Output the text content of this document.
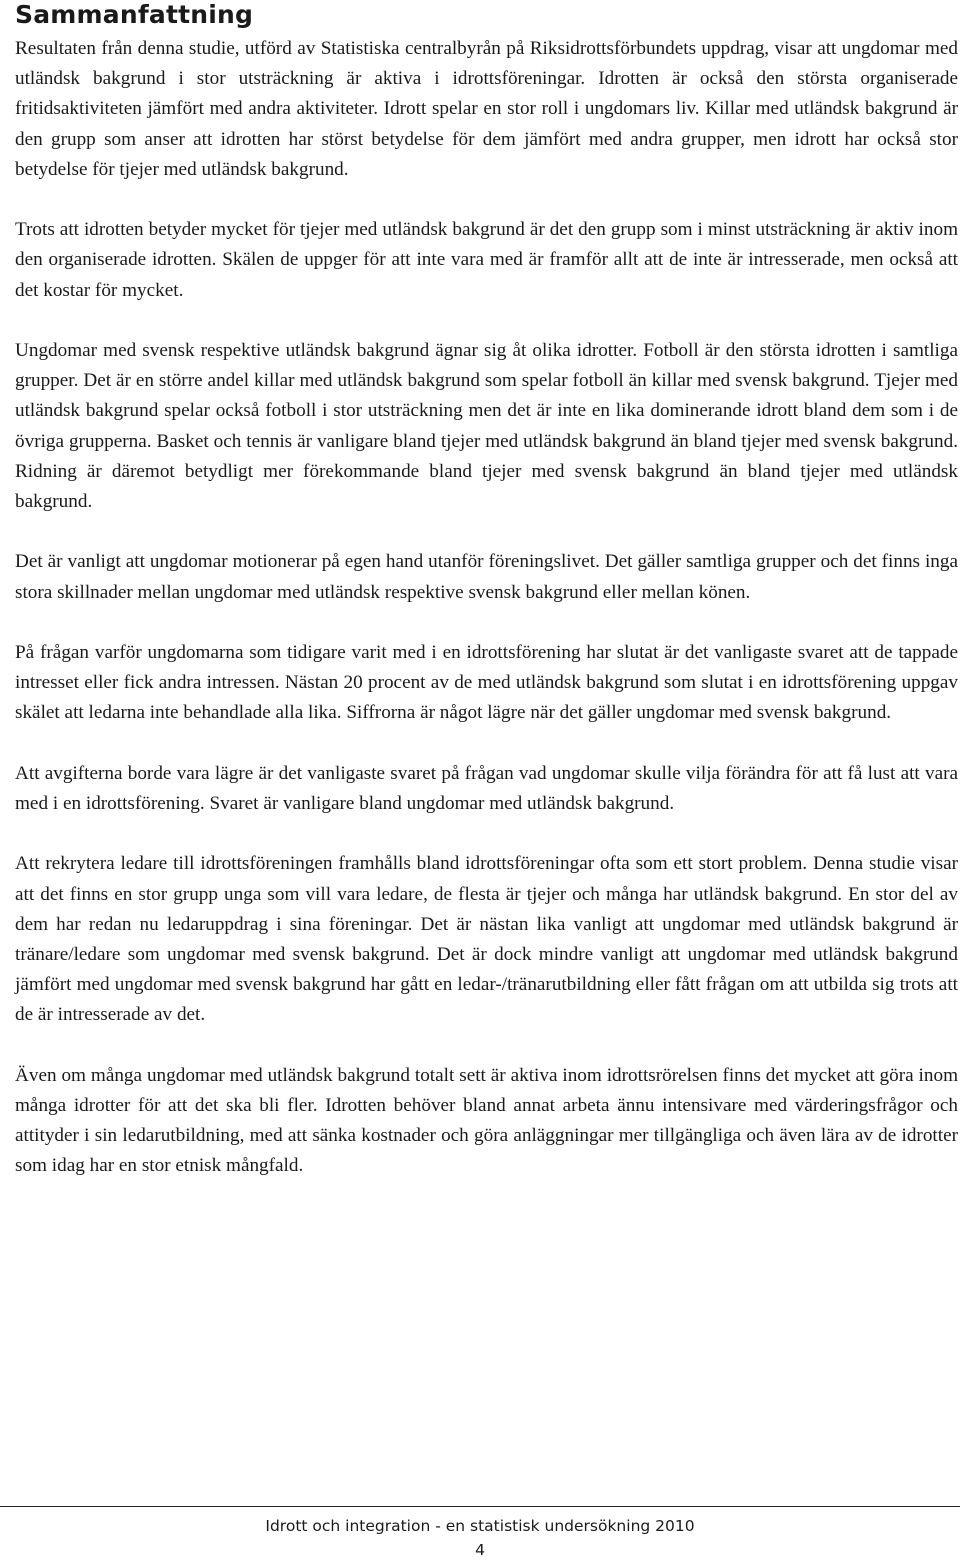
Sammanfattning

Resultaten från denna studie, utförd av Statistiska centralbyrån på Riksidrottsförbundets uppdrag, visar att ungdomar med utländsk bakgrund i stor utsträckning är aktiva i idrottsföreningar. Idrotten är också den största organiserade fritidsaktiviteten jämfört med andra aktiviteter. Idrott spelar en stor roll i ungdomars liv. Killar med utländsk bakgrund är den grupp som anser att idrotten har störst betydelse för dem jämfört med andra grupper, men idrott har också stor betydelse för tjejer med utländsk bakgrund.

Trots att idrotten betyder mycket för tjejer med utländsk bakgrund är det den grupp som i minst utsträckning är aktiv inom den organiserade idrotten. Skälen de uppger för att inte vara med är framför allt att de inte är intresserade, men också att det kostar för mycket.

Ungdomar med svensk respektive utländsk bakgrund ägnar sig åt olika idrotter. Fotboll är den största idrotten i samtliga grupper. Det är en större andel killar med utländsk bakgrund som spelar fotboll än killar med svensk bakgrund. Tjejer med utländsk bakgrund spelar också fotboll i stor utsträckning men det är inte en lika dominerande idrott bland dem som i de övriga grupperna. Basket och tennis är vanligare bland tjejer med utländsk bakgrund än bland tjejer med svensk bakgrund. Ridning är däremot betydligt mer förekommande bland tjejer med svensk bakgrund än bland tjejer med utländsk bakgrund.

Det är vanligt att ungdomar motionerar på egen hand utanför föreningslivet. Det gäller samtliga grupper och det finns inga stora skillnader mellan ungdomar med utländsk respektive svensk bakgrund eller mellan könen.

På frågan varför ungdomarna som tidigare varit med i en idrottsförening har slutat är det vanligaste svaret att de tappade intresset eller fick andra intressen. Nästan 20 procent av de med utländsk bakgrund som slutat i en idrottsförening uppgav skälet att ledarna inte behandlade alla lika. Siffrorna är något lägre när det gäller ungdomar med svensk bakgrund.

Att avgifterna borde vara lägre är det vanligaste svaret på frågan vad ungdomar skulle vilja förändra för att få lust att vara med i en idrottsförening. Svaret är vanligare bland ungdomar med utländsk bakgrund.

Att rekrytera ledare till idrottsföreningen framhålls bland idrottsföreningar ofta som ett stort problem. Denna studie visar att det finns en stor grupp unga som vill vara ledare, de flesta är tjejer och många har utländsk bakgrund. En stor del av dem har redan nu ledaruppdrag i sina föreningar. Det är nästan lika vanligt att ungdomar med utländsk bakgrund är tränare/ledare som ungdomar med svensk bakgrund. Det är dock mindre vanligt att ungdomar med utländsk bakgrund jämfört med ungdomar med svensk bakgrund har gått en ledar-/tränarutbildning eller fått frågan om att utbilda sig trots att de är intresserade av det.

Även om många ungdomar med utländsk bakgrund totalt sett är aktiva inom idrottsrörelsen finns det mycket att göra inom många idrotter för att det ska bli fler. Idrotten behöver bland annat arbeta ännu intensivare med värderingsfrågor och attityder i sin ledarutbildning, med att sänka kostnader och göra anläggningar mer tillgängliga och även lära av de idrotter som idag har en stor etnisk mångfald.

Idrott och integration - en statistisk undersökning 2010
4
